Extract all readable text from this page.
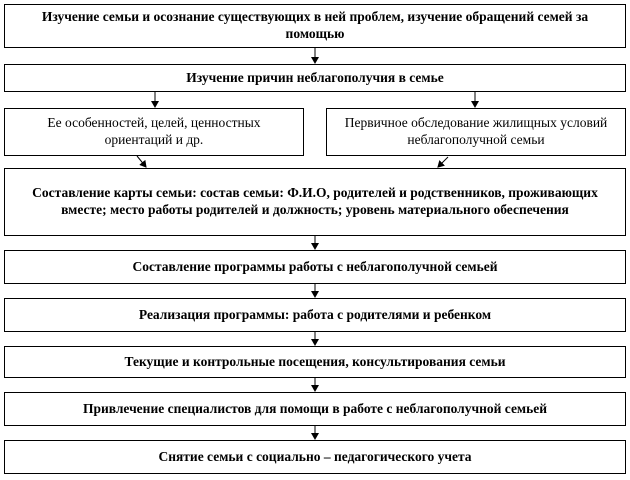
Изучение семьи и осознание существующих в ней проблем, изучение обращений семей за помощью
Изучение причин неблагополучия в семье
Ее особенностей, целей, ценностных ориентаций и др.
Первичное обследование жилищных условий неблагополучной семьи
Составление карты семьи: состав семьи: Ф.И.О, родителей и родственников, проживающих вместе; место работы родителей и должность; уровень материального обеспечения
Составление программы работы с неблагополучной семьей
Реализация программы: работа с родителями и ребенком
Текущие и контрольные посещения, консультирования семьи
Привлечение специалистов для помощи в работе с неблагополучной семьей
Снятие семьи с социально – педагогического учета
